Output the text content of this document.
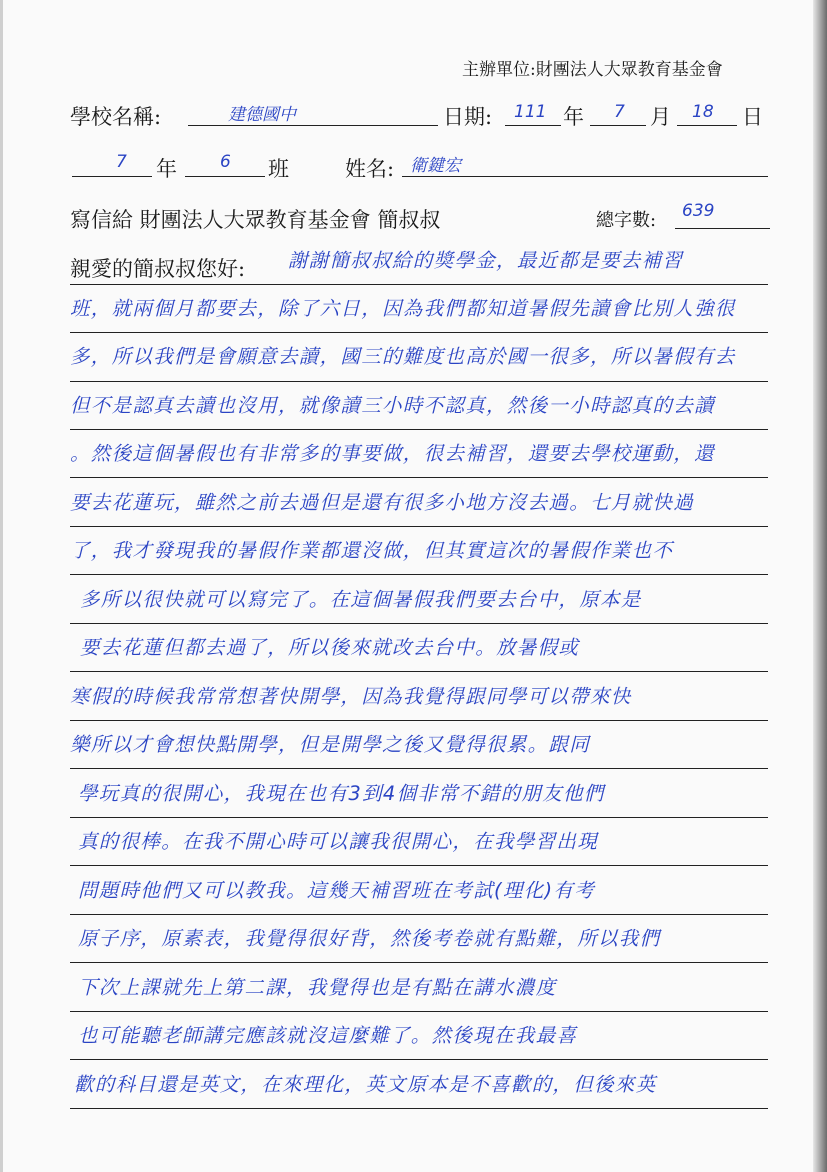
主辦單位:財團法人大眾教育基金會
學校名稱:	建德國中	日期: 111 年 7 月 18 日
7 年	6 班	姓名: 衛鍵宏
寫信給 財團法人大眾教育基金會 簡叔叔	總字數: 639
親愛的簡叔叔您好: 謝謝簡叔叔給的獎學金，最近都是要去補習
班，就兩個月都要去，除了六日，因為我們都知道暑假先讀會比別人強很
多，所以我們是會願意去讀，國三的難度也高於國一很多，所以暑假有去
但不是認真去讀也沒用，就像讀三小時不認真，然後一小時認真的去讀
。然後這個暑假也有非常多的事要做，很去補習，還要去學校運動，還
要去花蓮玩，雖然之前去過但是還有很多小地方沒去過。七月就快過
了，我才發現我的暑假作業都還沒做，但其實這次的暑假作業也不
多所以很快就可以寫完了。在這個暑假我們要去台中，原本是
要去花蓮但都去過了，所以後來就改去台中。放暑假或
寒假的時候我常常想著快開學，因為我覺得跟同學可以帶來快
樂所以才會想快點開學，但是開學之後又覺得很累。跟同
學玩真的很開心，我現在也有3到4個非常不錯的朋友他們
真的很棒。在我不開心時可以讓我很開心，在我學習出現
問題時他們又可以教我。這幾天補習班在考試(理化)有考
原子序，原素表，我覺得很好背，然後考卷就有點難，所以我們
下次上課就先上第二課，我覺得也是有點在講水濃度
也可能聽老師講完應該就沒這麼難了。然後現在我最喜
歡的科目還是英文，在來理化，英文原本是不喜歡的，但後來英
